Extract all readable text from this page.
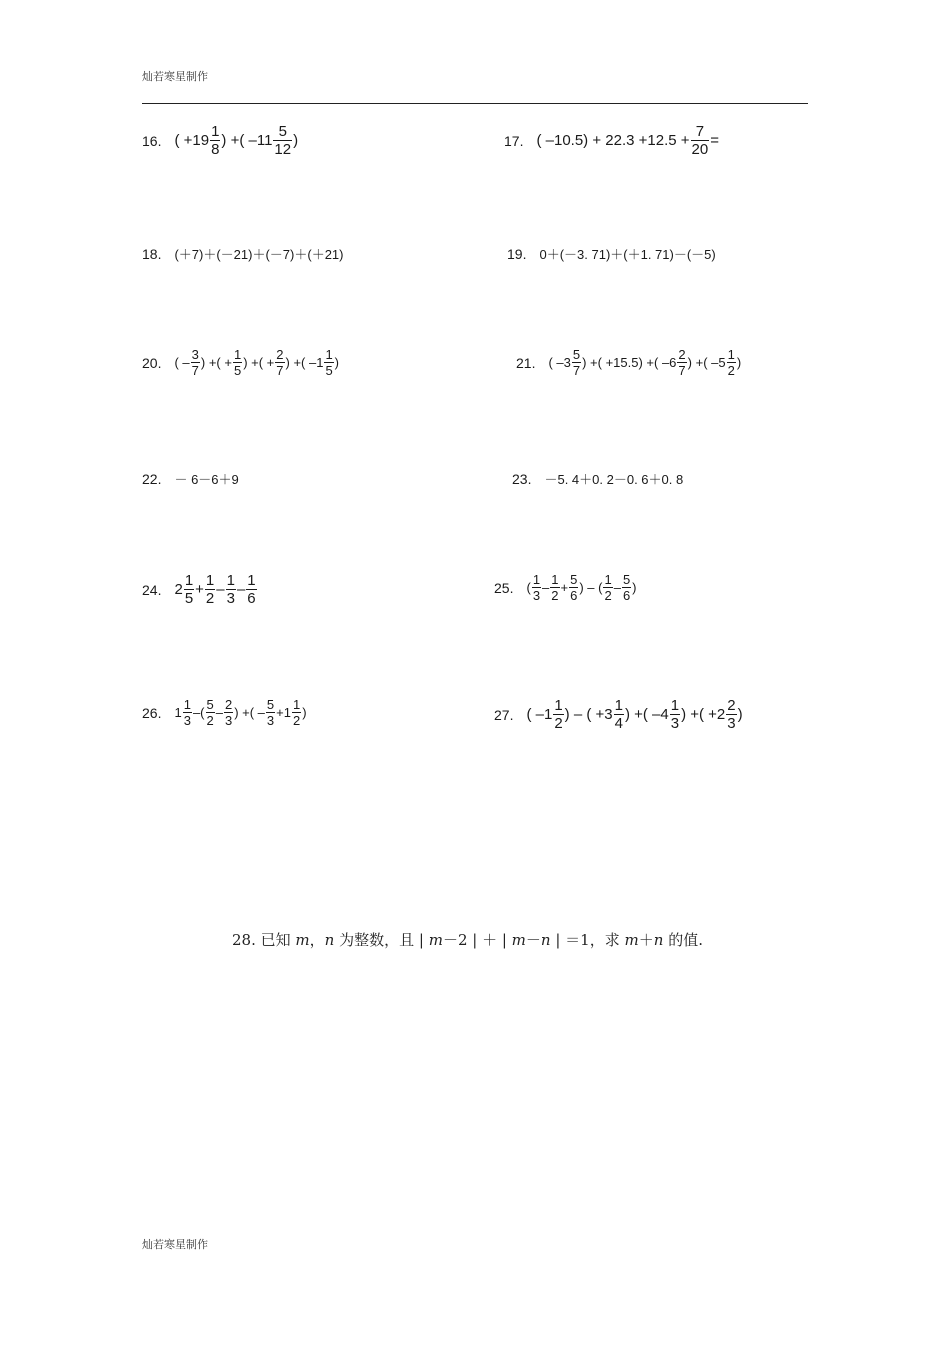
灿若寒星制作
16. ( $+19 \frac{1}{8}$ ) +( $-11 \frac{5}{12}$ )	17. ( $-10.5) + 22.3 +12.5 + \frac{7}{20}$ =
18. (＋7)＋(－21)＋(－7)＋(＋21)	19. 0＋(－3. 71)＋(＋1. 71)－(－5)
20. ( – $\frac{3}{7}$ ) +( + $\frac{1}{5}$ ) +( + $\frac{2}{7}$ ) +( $-1 \frac{1}{5}$ )	21. ( $-3 \frac{5}{7}$ ) +( +15.5) +( $-6 \frac{2}{7}$ ) +( $-5 \frac{1}{2}$ )
22. － 6－6＋9	23. －5. 4＋0. 2－0. 6＋0. 8
24. $2 \frac{1}{5} + \frac{1}{2} - \frac{1}{3} - \frac{1}{6}$	25. ( $\frac{1}{3} - \frac{1}{2} + \frac{5}{6}$ ) – ( $\frac{1}{2} - \frac{5}{6}$ )
26. $1 \frac{1}{3}$ –( $\frac{5}{2} - \frac{2}{3}$ ) +( – $\frac{5}{3} +1 \frac{1}{2}$ )	27. ( $-1 \frac{1}{2}$ ) – ( $+3 \frac{1}{4}$ ) +( $-4 \frac{1}{3}$ ) +( $+2 \frac{2}{3}$ )
28. 已知 m，n 为整数，且 | m－2 | ＋ | m－n | ＝1，求 m＋n 的值.
灿若寒星制作
